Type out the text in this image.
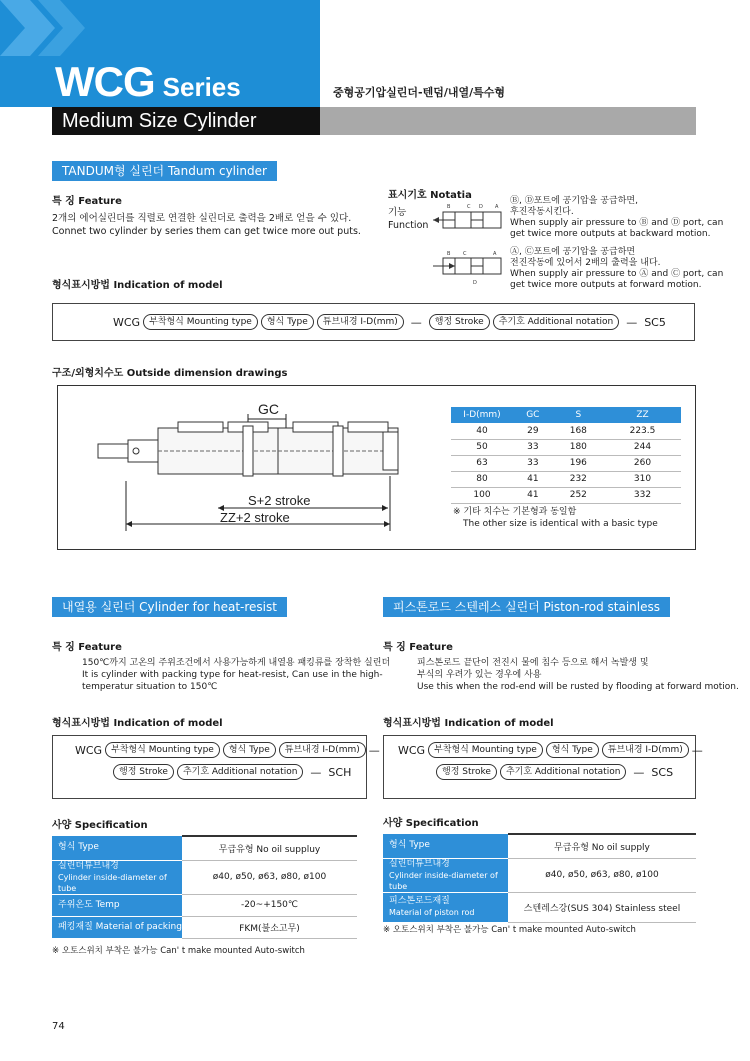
WCG Series
Medium Size Cylinder
중형공기압실린더-텐덤/내열/특수형
TANDUM형 실린더 Tandum cylinder
특 징 Feature
2개의 에어실린더를 직렬로 연결한 실린더로 출력을 2배로 얻을 수 있다.
Connet two cylinder by series them can get twice more out puts.
표시기호 Notatia
기능
Function
B	C D A
Ⓑ, Ⓓ포트에 공기압을 공급하면,
후진작동시킨다.
When supply air pressure to Ⓑ and Ⓓ port, can
get twice more outputs at backward motion.
B	C
D
A Ⓐ, Ⓒ포트에 공기압을 공급하면
전진작동에 있어서 2배의 출력을 내다.
When supply air pressure to Ⓐ and Ⓒ port, can
get twice more outputs at forward motion.
형식표시방법 Indication of model
WCG	부착형식 Mounting type	형식 Type	튜브내경 I-D(mm)	—	행정 Stroke	추기호 Additional notation	— SC5
구조/외형치수도 Outside dimension drawings
GC
S+2 stroke
ZZ+2 stroke
I-D(mm)	GC	S	ZZ
40	29	168	223.5
50	33	180	244
63	33	196	260
80	41	232	310
100	41	252	332
※ 기타 치수는 기본형과 동일함
The other size is identical with a basic type
내열용 실린더 Cylinder for heat-resist
특 징 Feature
150℃까지 고온의 주위조건에서 사용가능하게 내열용 패킹류를 장착한 실린더
It is cylinder with packing type for heat-resist, Can use in the high-
temperatur situation to 150℃
형식표시방법 Indication of model
WCG	부착형식 Mounting type	형식 Type	튜브내경 I-D(mm) —
행정 Stroke	추기호 Additional notation	— SCH
사양 Specification
형식 Type	무급유형 No oil suppluy

실린더튜브내경
Cylinder inside-diameter of tube	ø40, ø50, ø63, ø80, ø100
주위온도 Temp	-20~+150℃
패킹재질 Material of packing	FKM(불소고무)
※ 오토스위치 부착은 불가능 Can' t make mounted Auto-switch
피스톤로드 스텐레스 실린더 Piston-rod stainless
특 징 Feature
피스톤로드 끝단이 전진시 물에 침수 등으로 해서 녹발생 및
부식의 우려가 있는 경우에 사용
Use this when the rod-end will be rusted by flooding at forward motion.
형식표시방법 Indication of model
WCG	부착형식 Mounting type	형식 Type	튜브내경 I-D(mm) —
행정 Stroke	추기호 Additional notation	— SCS
사양 Specification
형식 Type	무급유형 No oil supply

실린더튜브내경
Cylinder inside-diameter of tube	ø40, ø50, ø63, ø80, ø100

피스톤로드재질
Material of piston rod	스텐레스강(SUS 304) Stainless steel
※ 오토스위치 부착은 불가능 Can' t make mounted Auto-switch
74
